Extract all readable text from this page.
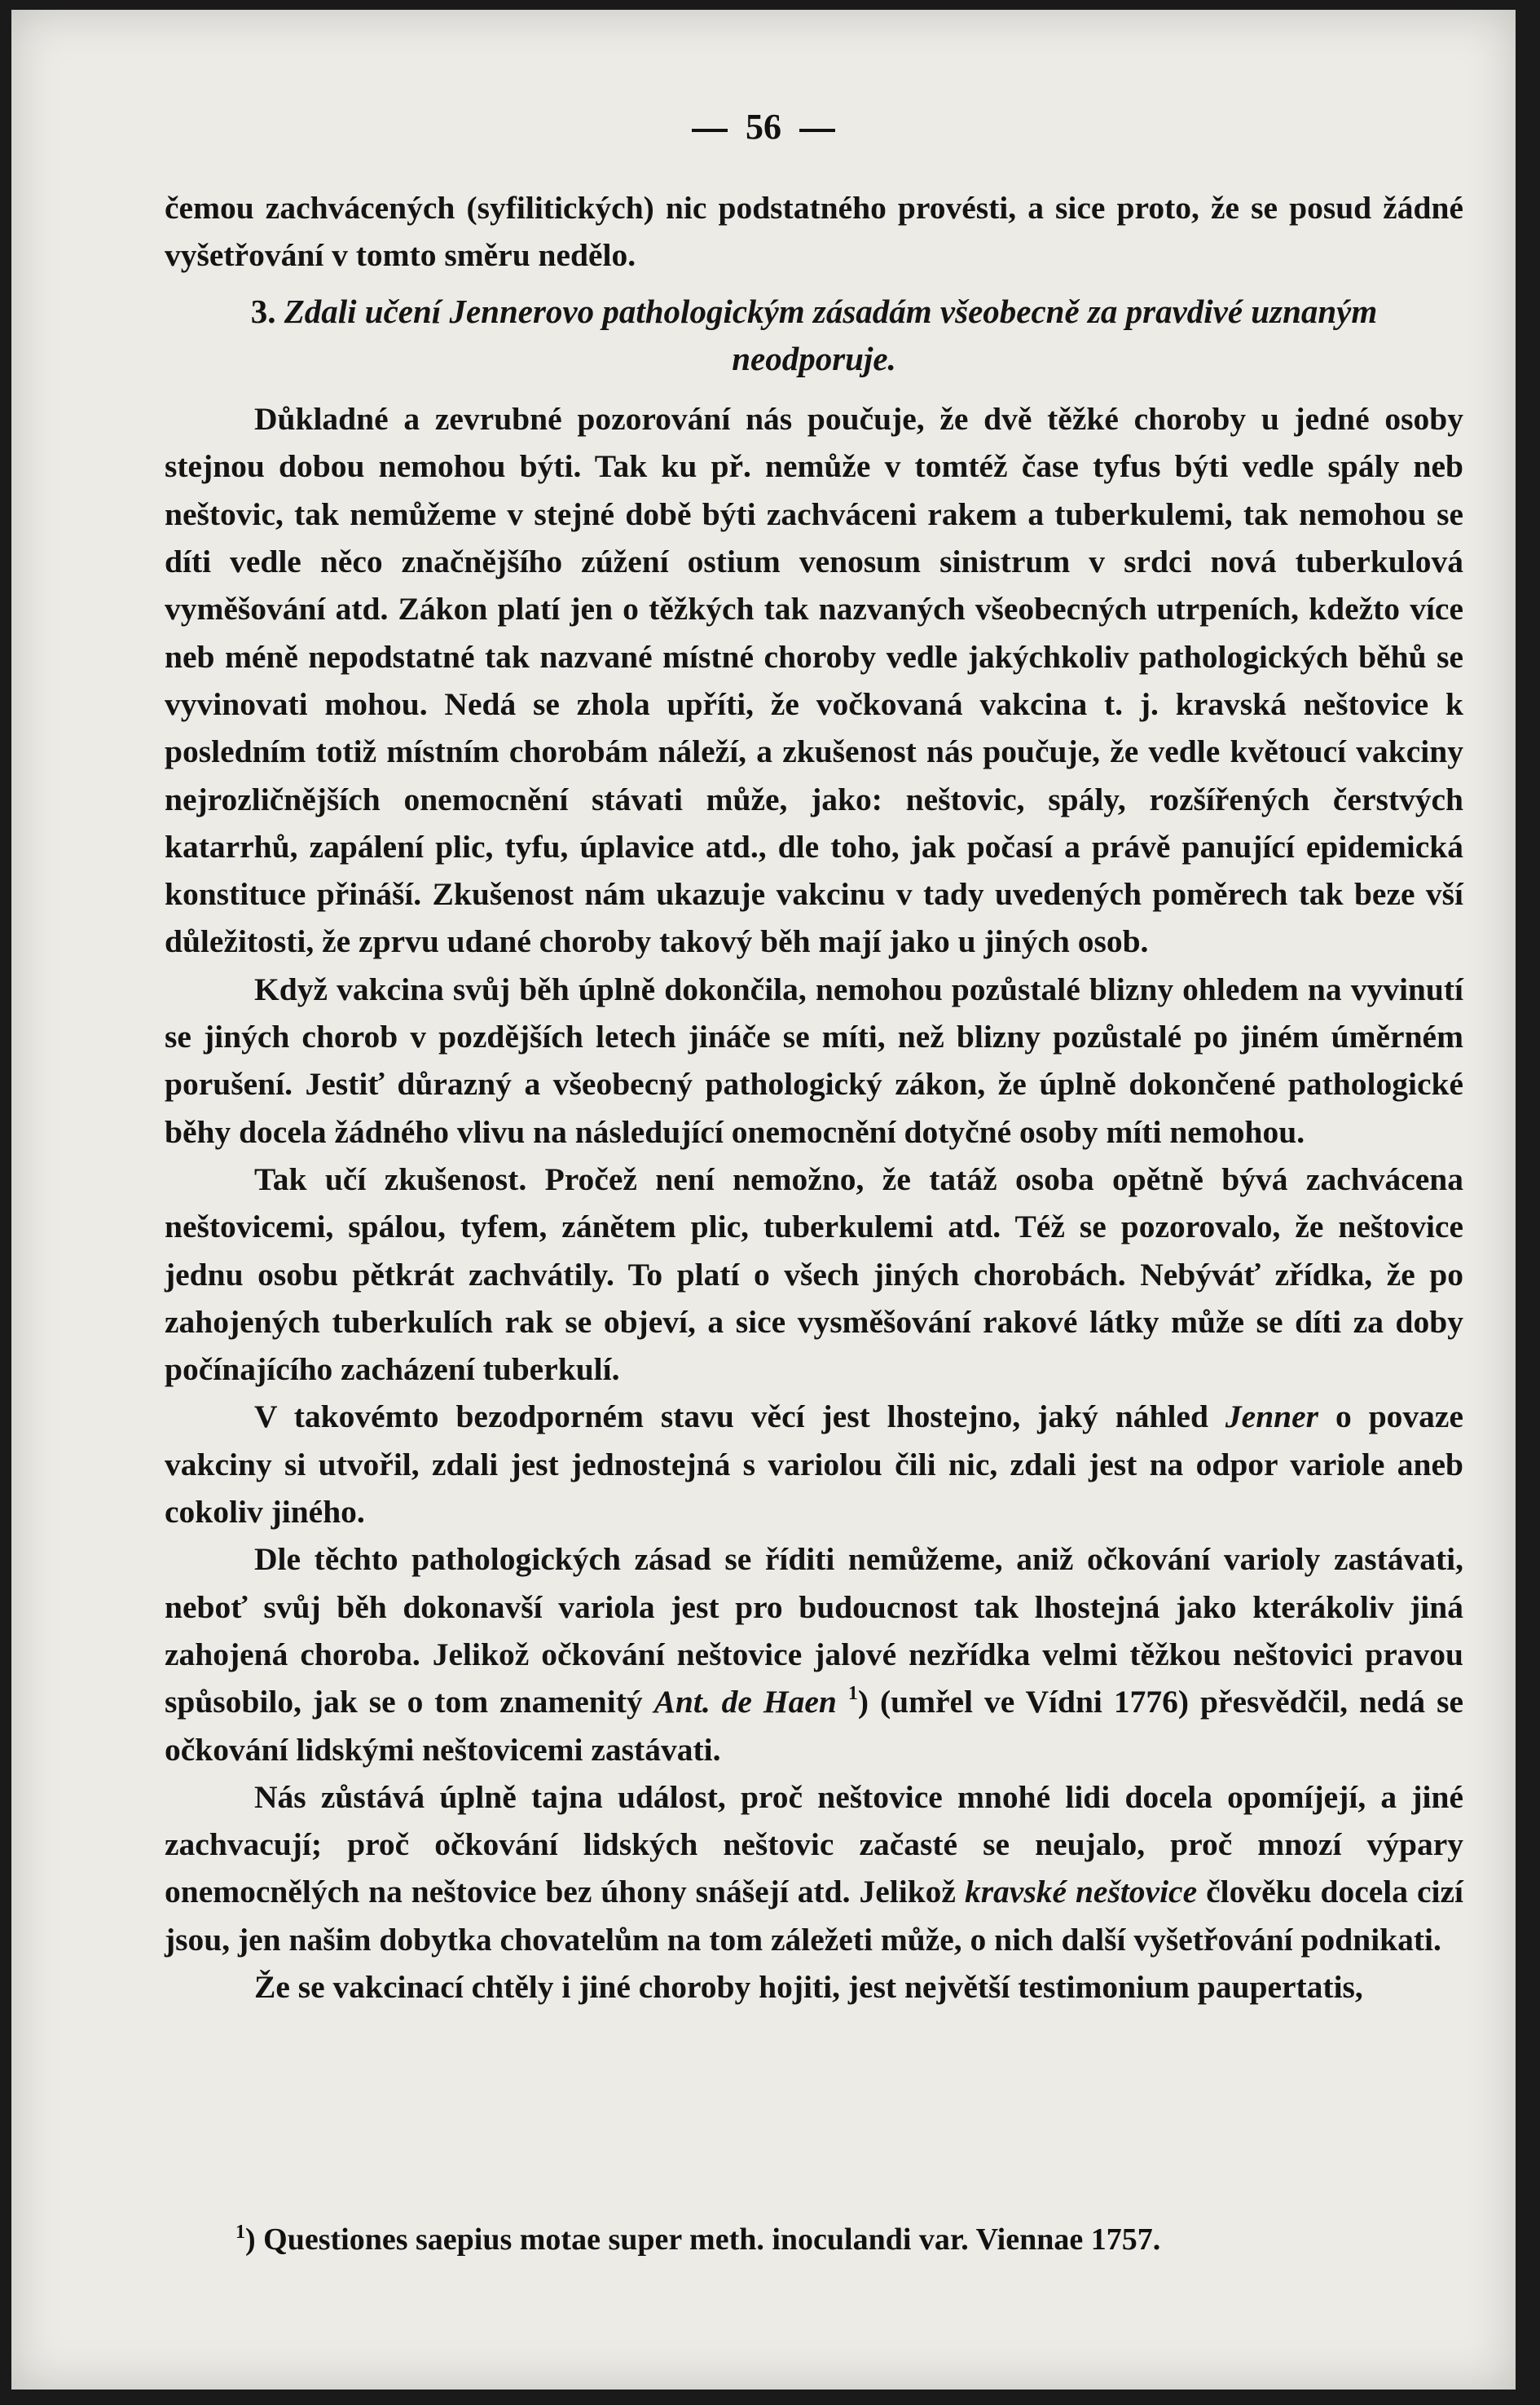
56

čemou zachvácených (syfilitických) nic podstatného provésti, a sice proto, že se posud žádné vyšetřování v tomto směru nedělo.

3. Zdali učení Jennerovo pathologickým zásadám všeobecně za pravdivé uznaným neodporuje.

Důkladné a zevrubné pozorování nás poučuje, že dvě těžké choroby u jedné osoby stejnou dobou nemohou býti. Tak ku př. nemůže v tomtéž čase tyfus býti vedle spály neb neštovic, tak nemůžeme v stejné době býti zachváceni rakem a tuberkulemi, tak nemohou se díti vedle něco značnějšího zúžení ostium venosum sinistrum v srdci nová tuberkulová vyměšování atd. Zákon platí jen o těžkých tak nazvaných všeobecných utrpeních, kdežto více neb méně nepodstatné tak nazvané místné choroby vedle jakýchkoliv pathologických běhů se vyvinovati mohou. Nedá se zhola upříti, že vočkovaná vakcina t. j. kravská neštovice k posledním totiž místním chorobám náleží, a zkušenost nás poučuje, že vedle květoucí vakciny nejrozličnějších onemocnění stávati může, jako: neštovic, spály, rozšířených čerstvých katarrhů, zapálení plic, tyfu, úplavice atd., dle toho, jak počasí a právě panující epidemická konstituce přináší. Zkušenost nám ukazuje vakcinu v tady uvedených poměrech tak beze vší důležitosti, že zprvu udané choroby takový běh mají jako u jiných osob.

Když vakcina svůj běh úplně dokončila, nemohou pozůstalé blizny ohledem na vyvinutí se jiných chorob v pozdějších letech jináče se míti, než blizny pozůstalé po jiném úměrném porušení. Jestiť důrazný a všeobecný pathologický zákon, že úplně dokončené pathologické běhy docela žádného vlivu na následující onemocnění dotyčné osoby míti nemohou.

Tak učí zkušenost. Pročež není nemožno, že tatáž osoba opětně bývá zachvácena neštovicemi, spálou, tyfem, zánětem plic, tuberkulemi atd. Též se pozorovalo, že neštovice jednu osobu pětkrát zachvátily. To platí o všech jiných chorobách. Nebýváť zřídka, že po zahojených tuberkulích rak se objeví, a sice vysměšování rakové látky může se díti za doby počínajícího zacházení tuberkulí.

V takovémto bezodporném stavu věcí jest lhostejno, jaký náhled Jenner o povaze vakciny si utvořil, zdali jest jednostejná s variolou čili nic, zdali jest na odpor variole aneb cokoliv jiného.

Dle těchto pathologických zásad se říditi nemůžeme, aniž očkování varioly zastávati, neboť svůj běh dokonavší variola jest pro budoucnost tak lhostejná jako kterákoliv jiná zahojená choroba. Jelikož očkování neštovice jalové nezřídka velmi těžkou neštovici pravou spůsobilo, jak se o tom znamenitý Ant. de Haen $^1$) (umřel ve Vídni 1776) přesvědčil, nedá se očkování lidskými neštovicemi zastávati.

Nás zůstává úplně tajna událost, proč neštovice mnohé lidi docela opomíjejí, a jiné zachvacují; proč očkování lidských neštovic začasté se neujalo, proč mnozí výpary onemocnělých na neštovice bez úhony snášejí atd. Jelikož kravské neštovice člověku docela cizí jsou, jen našim dobytka chovatelům na tom záležeti může, o nich další vyšetřování podnikati.

Že se vakcinací chtěly i jiné choroby hojiti, jest největší testimonium paupertatis,

$^1$) Questiones saepius motae super meth. inoculandi var. Viennae 1757.
